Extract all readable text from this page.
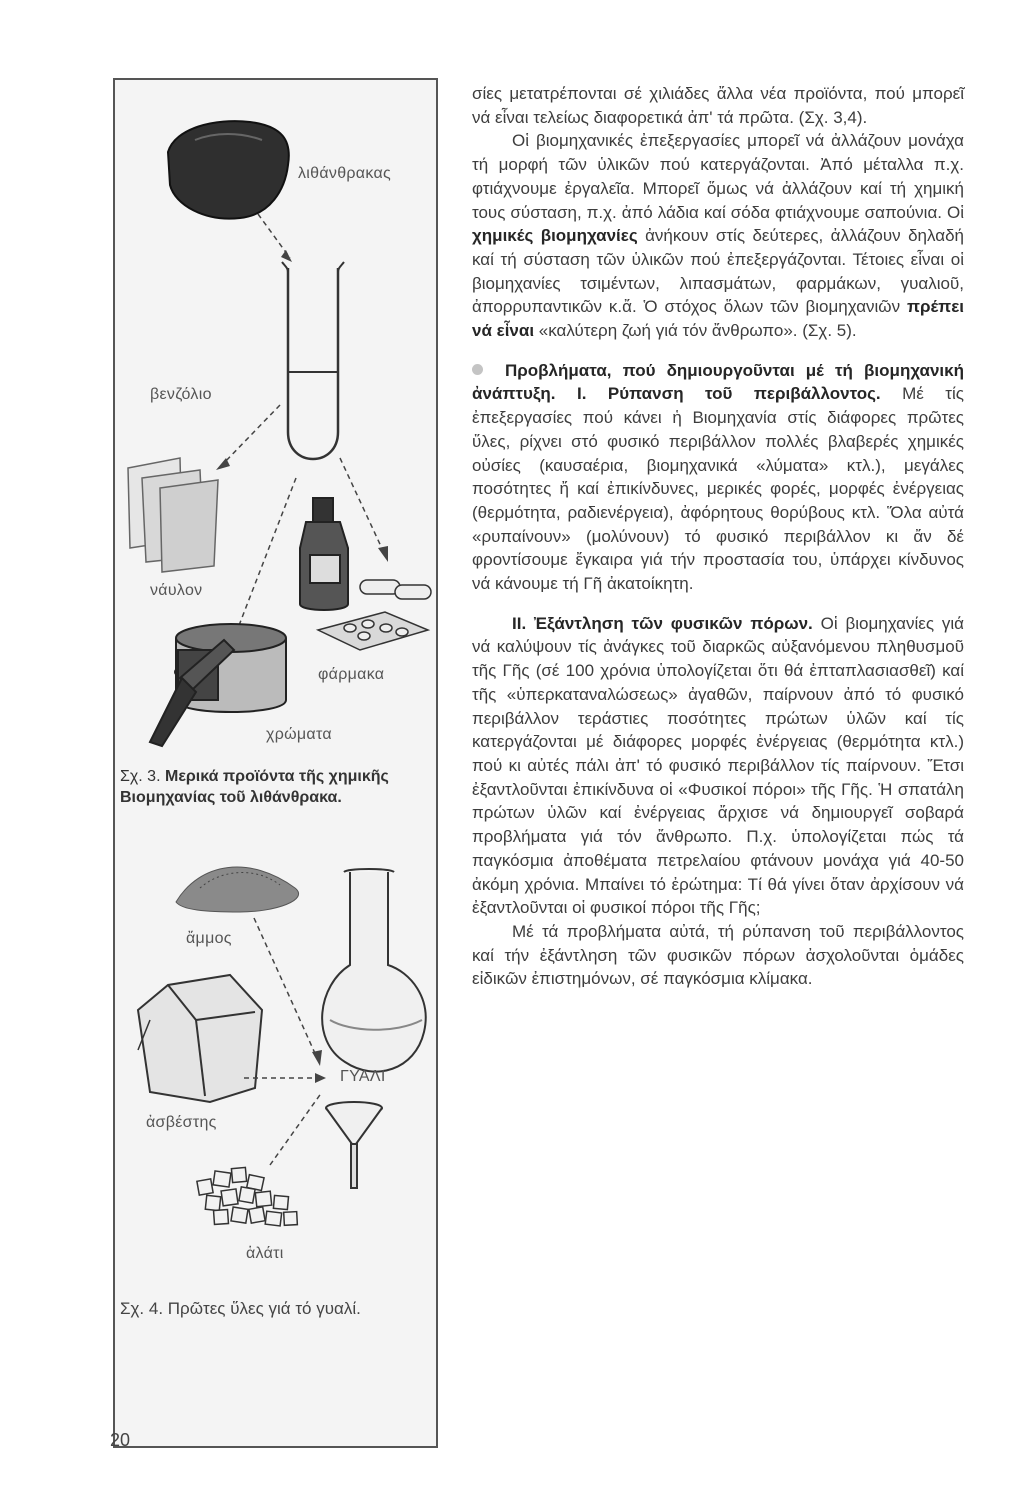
λιθάνθρακας
βενζόλιο
νάυλον
φάρμακα
χρώματα
Σχ. 3. Μερικά προϊόντα τῆς χημικῆς Βιομηχανίας τοῦ λιθάνθρακα.
ἄμμος
ΓΥΑΛΙ
ἀσβέστης
ἁλάτι
Σχ. 4. Πρῶτες ὕλες γιά τό γυαλί.

σίες μετατρέπονται σέ χιλιάδες ἄλλα νέα προϊόντα, πού μπορεῖ νά εἶναι τελείως διαφορετικά ἀπ' τά πρῶτα. (Σχ. 3,4).

Οἱ βιομηχανικές ἐπεξεργασίες μπορεῖ νά ἀλλάζουν μονάχα τή μορφή τῶν ὑλικῶν πού κατεργάζονται. Ἀπό μέταλλα π.χ. φτιάχνουμε ἐργαλεῖα. Μπορεῖ ὅμως νά ἀλλάζουν καί τή χημική τους σύσταση, π.χ. ἀπό λάδια καί σόδα φτιάχνουμε σαπούνια. Οἱ χημικές βιομηχανίες ἀνήκουν στίς δεύτερες, ἀλλάζουν δηλαδή καί τή σύσταση τῶν ὑλικῶν πού ἐπεξεργάζονται. Τέτοιες εἶναι οἱ βιομηχανίες τσιμέντων, λιπασμάτων, φαρμάκων, γυαλιοῦ, ἀπορρυπαντικῶν κ.ἄ. Ὁ στόχος ὅλων τῶν βιομηχανιῶν πρέπει νά εἶναι «καλύτερη ζωή γιά τόν ἄνθρωπο». (Σχ. 5).

Προβλήματα, πού δημιουργοῦνται μέ τή βιομηχανική ἀνάπτυξη. Ι. Ρύπανση τοῦ περιβάλλοντος. Μέ τίς ἐπεξεργασίες πού κάνει ἡ Βιομηχανία στίς διάφορες πρῶτες ὕλες, ρίχνει στό φυσικό περιβάλλον πολλές βλαβερές χημικές οὐσίες (καυσαέρια, βιομηχανικά «λύματα» κτλ.), μεγάλες ποσότητες ἤ καί ἐπικίνδυνες, μερικές φορές, μορφές ἐνέργειας (θερμότητα, ραδιενέργεια), ἀφόρητους θορύβους κτλ. Ὅλα αὐτά «ρυπαίνουν» (μολύνουν) τό φυσικό περιβάλλον κι ἄν δέ φροντίσουμε ἔγκαιρα γιά τήν προστασία του, ὑπάρχει κίνδυνος νά κάνουμε τή Γῆ ἀκατοίκητη.

ΙΙ. Ἐξάντληση τῶν φυσικῶν πόρων. Οἱ βιομηχανίες γιά νά καλύψουν τίς ἀνάγκες τοῦ διαρκῶς αὐξανόμενου πληθυσμοῦ τῆς Γῆς (σέ 100 χρόνια ὑπολογίζεται ὅτι θά ἐπταπλασιασθεῖ) καί τῆς «ὑπερκαταναλώσεως» ἀγαθῶν, παίρνουν ἀπό τό φυσικό περιβάλλον τεράστιες ποσότητες πρώτων ὑλῶν καί τίς κατεργάζονται μέ διάφορες μορφές ἐνέργειας (θερμότητα κτλ.) πού κι αὐτές πάλι ἀπ' τό φυσικό περιβάλλον τίς παίρνουν. Ἔτσι ἐξαντλοῦνται ἐπικίνδυνα οἱ «Φυσικοί πόροι» τῆς Γῆς. Ἡ σπατάλη πρώτων ὑλῶν καί ἐνέργειας ἄρχισε νά δημιουργεῖ σοβαρά προβλήματα γιά τόν ἄνθρωπο. Π.χ. ὑπολογίζεται πώς τά παγκόσμια ἀποθέματα πετρελαίου φτάνουν μονάχα γιά 40-50 ἀκόμη χρόνια. Μπαίνει τό ἐρώτημα: Τί θά γίνει ὅταν ἀρχίσουν νά ἐξαντλοῦνται οἱ φυσικοί πόροι τῆς Γῆς;

Μέ τά προβλήματα αὐτά, τή ρύπανση τοῦ περιβάλλοντος καί τήν ἐξάντληση τῶν φυσικῶν πόρων ἀσχολοῦνται ὁμάδες εἰδικῶν ἐπιστημόνων, σέ παγκόσμια κλίμακα.

20
